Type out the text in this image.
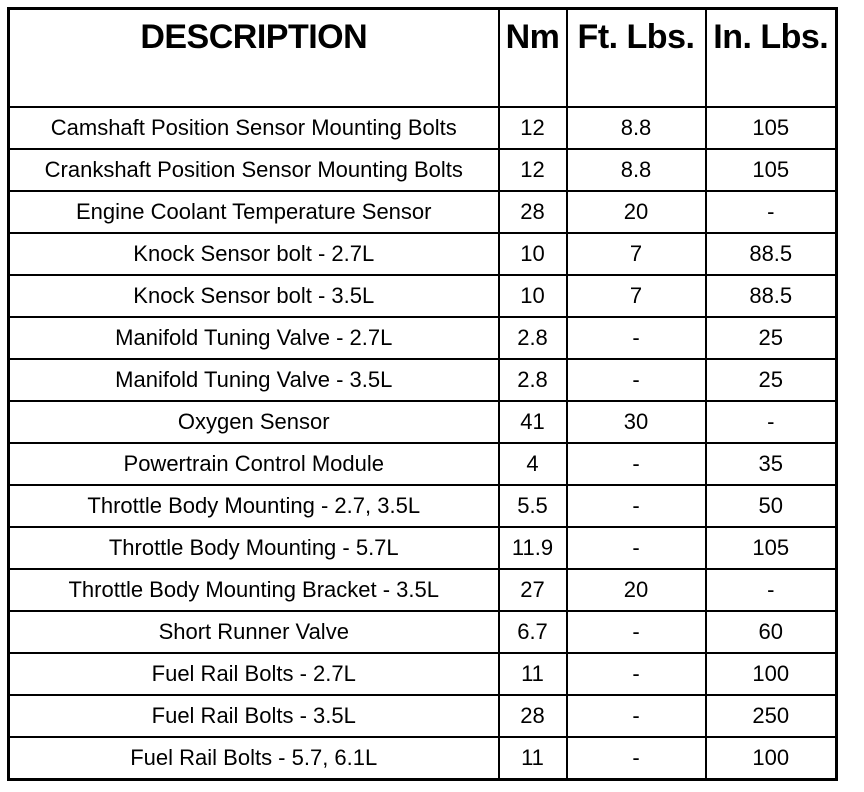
DESCRIPTION	Nm	Ft. Lbs.	In. Lbs.
Camshaft Position Sensor Mounting Bolts	12	8.8	105
Crankshaft Position Sensor Mounting Bolts	12	8.8	105
Engine Coolant Temperature Sensor	28	20	-
Knock Sensor bolt - 2.7L	10	7	88.5
Knock Sensor bolt - 3.5L	10	7	88.5
Manifold Tuning Valve - 2.7L	2.8	-	25
Manifold Tuning Valve - 3.5L	2.8	-	25
Oxygen Sensor	41	30	-
Powertrain Control Module	4	-	35
Throttle Body Mounting - 2.7, 3.5L	5.5	-	50
Throttle Body Mounting - 5.7L	11.9	-	105
Throttle Body Mounting Bracket - 3.5L	27	20	-
Short Runner Valve	6.7	-	60
Fuel Rail Bolts - 2.7L	11	-	100
Fuel Rail Bolts - 3.5L	28	-	250
Fuel Rail Bolts - 5.7, 6.1L	11	-	100
